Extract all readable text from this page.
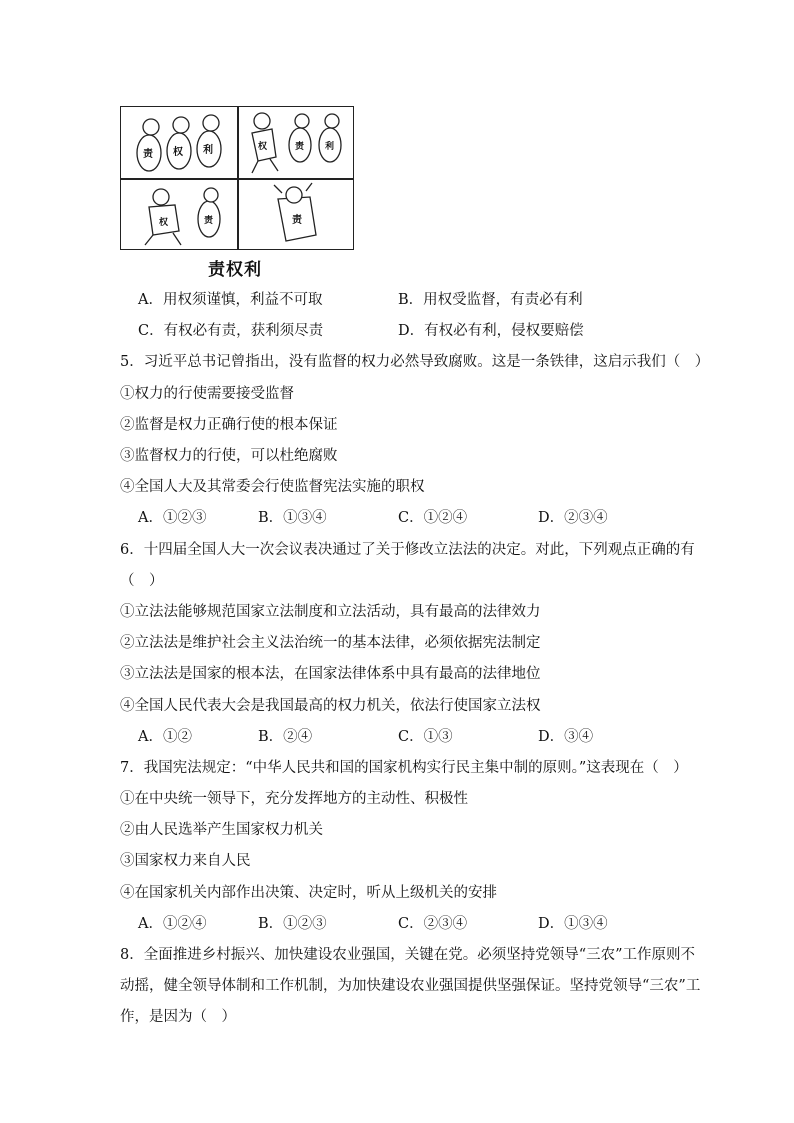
责 权 利	权	责 利
权	责	责
责权利
A．用权须谨慎，利益不可取	B．用权受监督，有责必有利
C．有权必有责，获利须尽责	D．有权必有利，侵权要赔偿
5．习近平总书记曾指出，没有监督的权力必然导致腐败。这是一条铁律，这启示我们（　）
①权力的行使需要接受监督
②监督是权力正确行使的根本保证
③监督权力的行使，可以杜绝腐败
④全国人大及其常委会行使监督宪法实施的职权
A．①②③	B．①③④	C．①②④	D．②③④
6．十四届全国人大一次会议表决通过了关于修改立法法的决定。对此，下列观点正确的有
（　）
①立法法能够规范国家立法制度和立法活动，具有最高的法律效力
②立法法是维护社会主义法治统一的基本法律，必须依据宪法制定
③立法法是国家的根本法，在国家法律体系中具有最高的法律地位
④全国人民代表大会是我国最高的权力机关，依法行使国家立法权
A．①②	B．②④	C．①③	D．③④
7．我国宪法规定：“中华人民共和国的国家机构实行民主集中制的原则。”这表现在（　）
①在中央统一领导下，充分发挥地方的主动性、积极性
②由人民选举产生国家权力机关
③国家权力来自人民
④在国家机关内部作出决策、决定时，听从上级机关的安排
A．①②④	B．①②③	C．②③④	D．①③④
8．全面推进乡村振兴、加快建设农业强国，关键在党。必须坚持党领导“三农”工作原则不
动摇，健全领导体制和工作机制，为加快建设农业强国提供坚强保证。坚持党领导“三农”工
作，是因为（　）
